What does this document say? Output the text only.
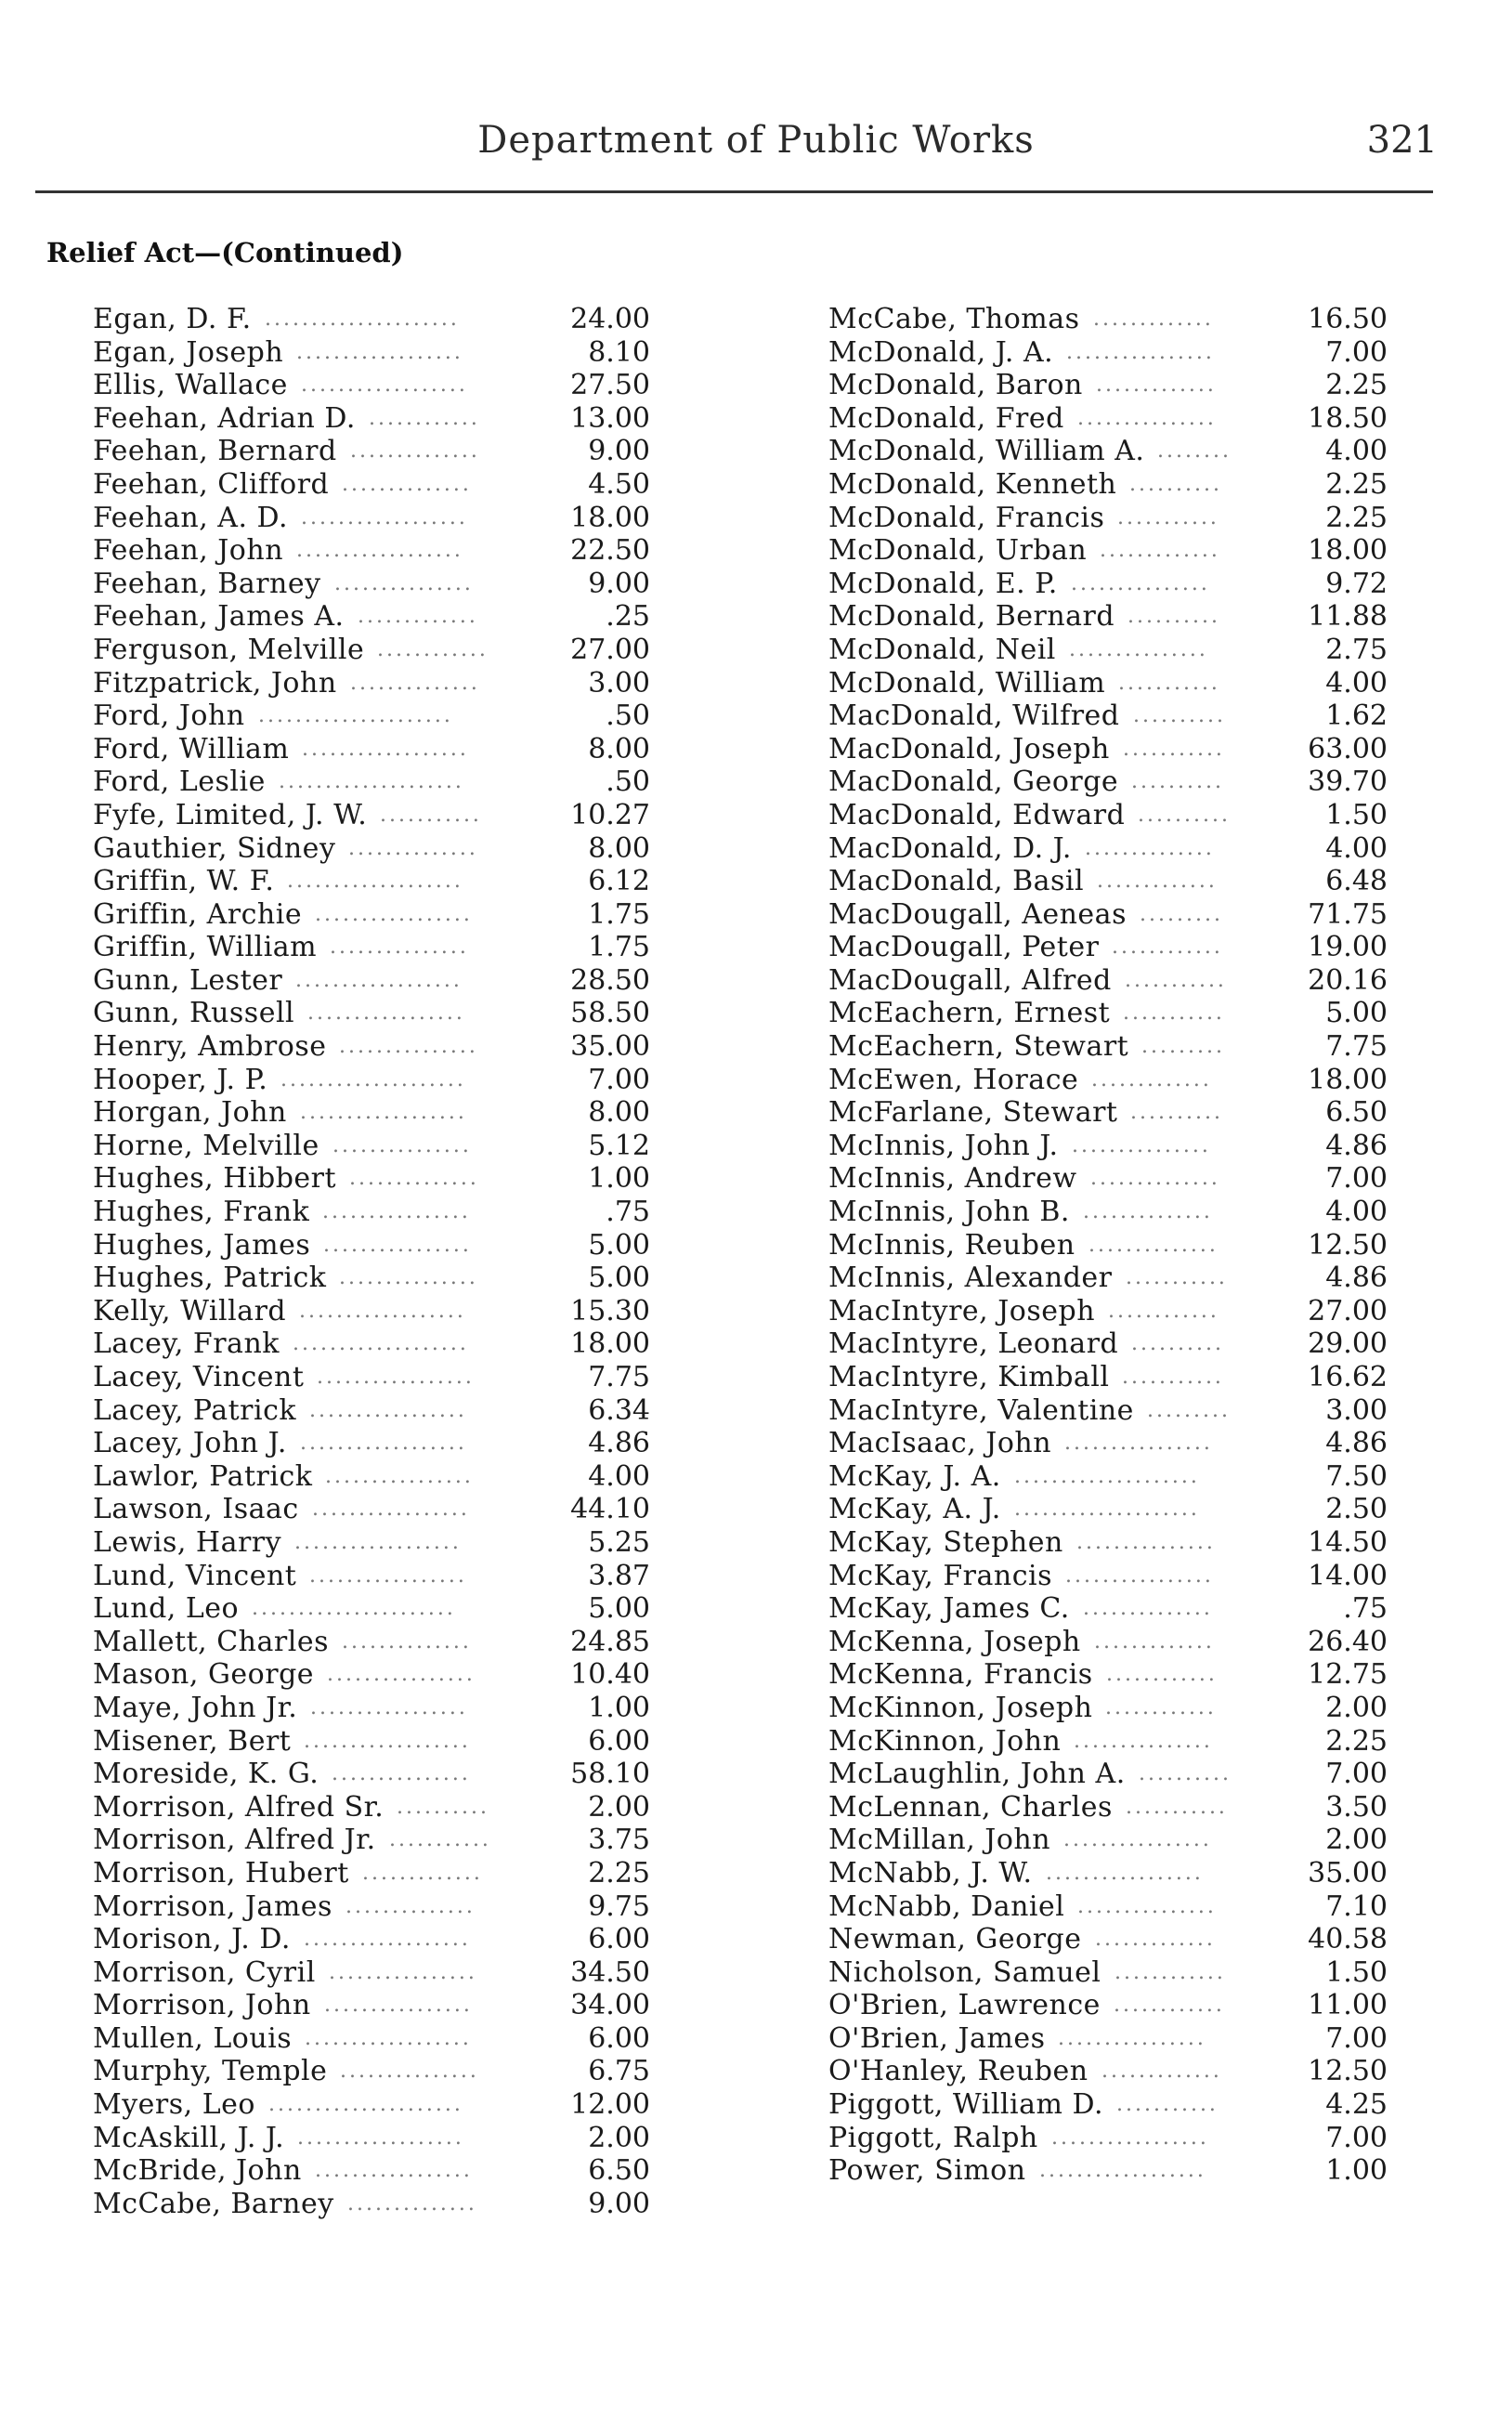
Department of Public Works	321
Relief Act—(Continued)
Egan, D. F. .....................	24.00
Egan, Joseph ..................	8.10
Ellis, Wallace ..................	27.50
Feehan, Adrian D. ............	13.00
Feehan, Bernard ..............	9.00
Feehan, Clifford ..............	4.50
Feehan, A. D. ..................	18.00
Feehan, John ..................	22.50
Feehan, Barney ...............	9.00
Feehan, James A. .............	.25
Ferguson, Melville ............	27.00
Fitzpatrick, John ..............	3.00
Ford, John .....................	.50
Ford, William ..................	8.00
Ford, Leslie ....................	.50
Fyfe, Limited, J. W. ...........	10.27
Gauthier, Sidney ..............	8.00
Griffin, W. F. ...................	6.12
Griffin, Archie .................	1.75
Griffin, William ...............	1.75
Gunn, Lester ..................	28.50
Gunn, Russell .................	58.50
Henry, Ambrose ...............	35.00
Hooper, J. P. ....................	7.00
Horgan, John ..................	8.00
Horne, Melville ...............	5.12
Hughes, Hibbert ..............	1.00
Hughes, Frank ................	.75
Hughes, James ................	5.00
Hughes, Patrick ...............	5.00
Kelly, Willard ..................	15.30
Lacey, Frank ...................	18.00
Lacey, Vincent .................	7.75
Lacey, Patrick .................	6.34
Lacey, John J. ..................	4.86
Lawlor, Patrick ................	4.00
Lawson, Isaac .................	44.10
Lewis, Harry ..................	5.25
Lund, Vincent .................	3.87
Lund, Leo ......................	5.00
Mallett, Charles ..............	24.85
Mason, George ................	10.40
Maye, John Jr. .................	1.00
Misener, Bert ..................	6.00
Moreside, K. G. ...............	58.10
Morrison, Alfred Sr. ..........	2.00
Morrison, Alfred Jr. ...........	3.75
Morrison, Hubert .............	2.25
Morrison, James ..............	9.75
Morison, J. D. ..................	6.00
Morrison, Cyril ................	34.50
Morrison, John ................	34.00
Mullen, Louis ..................	6.00
Murphy, Temple ...............	6.75
Myers, Leo .....................	12.00
McAskill, J. J. ..................	2.00
McBride, John .................	6.50
McCabe, Barney ..............	9.00
McCabe, Thomas .............	16.50
McDonald, J. A. ................	7.00
McDonald, Baron .............	2.25
McDonald, Fred ...............	18.50
McDonald, William A. ........	4.00
McDonald, Kenneth ..........	2.25
McDonald, Francis ...........	2.25
McDonald, Urban .............	18.00
McDonald, E. P. ...............	9.72
McDonald, Bernard ..........	11.88
McDonald, Neil ...............	2.75
McDonald, William ...........	4.00
MacDonald, Wilfred ..........	1.62
MacDonald, Joseph ...........	63.00
MacDonald, George ..........	39.70
MacDonald, Edward ..........	1.50
MacDonald, D. J. ..............	4.00
MacDonald, Basil .............	6.48
MacDougall, Aeneas .........	71.75
MacDougall, Peter ............	19.00
MacDougall, Alfred ...........	20.16
McEachern, Ernest ...........	5.00
McEachern, Stewart .........	7.75
McEwen, Horace .............	18.00
McFarlane, Stewart ..........	6.50
McInnis, John J. ...............	4.86
McInnis, Andrew ..............	7.00
McInnis, John B. ..............	4.00
McInnis, Reuben ..............	12.50
McInnis, Alexander ...........	4.86
MacIntyre, Joseph ............	27.00
MacIntyre, Leonard ..........	29.00
MacIntyre, Kimball ...........	16.62
MacIntyre, Valentine .........	3.00
MacIsaac, John ................	4.86
McKay, J. A. ....................	7.50
McKay, A. J. ....................	2.50
McKay, Stephen ...............	14.50
McKay, Francis ................	14.00
McKay, James C. ..............	.75
McKenna, Joseph .............	26.40
McKenna, Francis ............	12.75
McKinnon, Joseph ............	2.00
McKinnon, John ...............	2.25
McLaughlin, John A. ..........	7.00
McLennan, Charles ...........	3.50
McMillan, John ................	2.00
McNabb, J. W. .................	35.00
McNabb, Daniel ...............	7.10
Newman, George .............	40.58
Nicholson, Samuel ............	1.50
O'Brien, Lawrence ............	11.00
O'Brien, James ................	7.00
O'Hanley, Reuben .............	12.50
Piggott, William D. ...........	4.25
Piggott, Ralph .................	7.00
Power, Simon ..................	1.00
